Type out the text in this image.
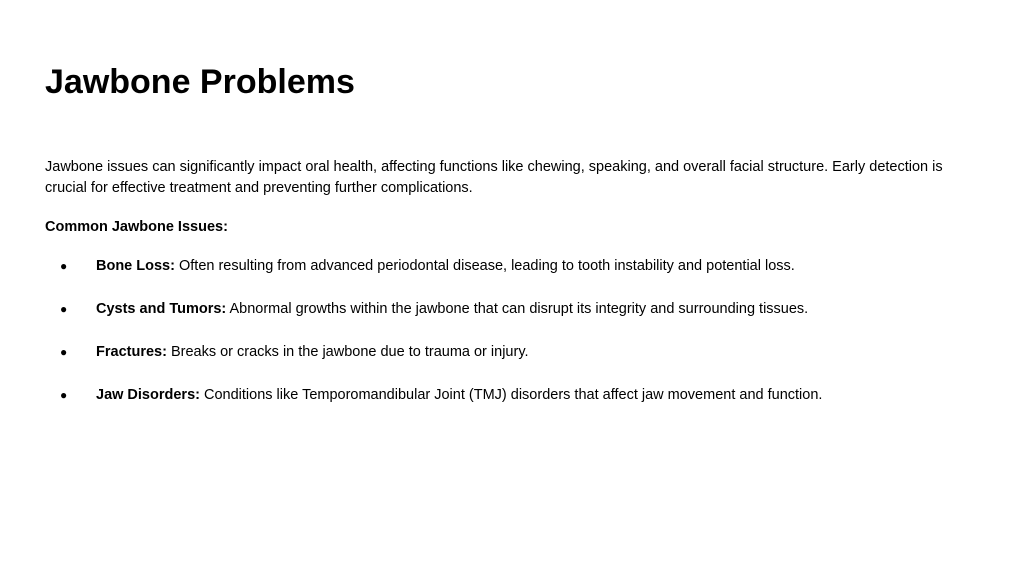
Jawbone Problems

Jawbone issues can significantly impact oral health, affecting functions like chewing, speaking, and overall facial structure. Early detection is crucial for effective treatment and preventing further complications.

Common Jawbone Issues:

● Bone Loss: Often resulting from advanced periodontal disease, leading to tooth instability and potential loss.
● Cysts and Tumors: Abnormal growths within the jawbone that can disrupt its integrity and surrounding tissues.
● Fractures: Breaks or cracks in the jawbone due to trauma or injury.
● Jaw Disorders: Conditions like Temporomandibular Joint (TMJ) disorders that affect jaw movement and function.
